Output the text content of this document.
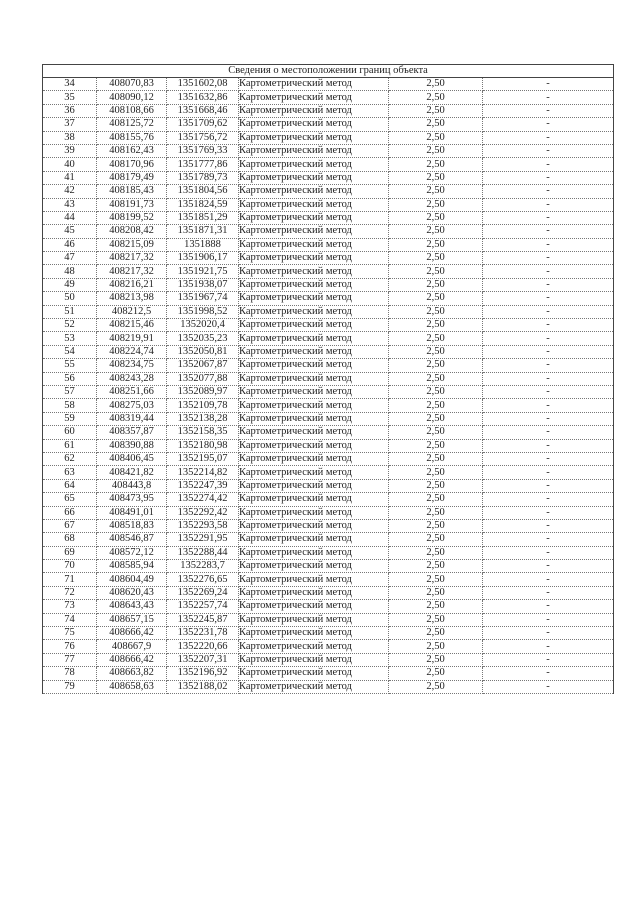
Сведения о местоположении границ объекта					
34	408070,83	1351602,08	Картометрический метод	2,50	-
35	408090,12	1351632,86	Картометрический метод	2,50	-
36	408108,66	1351668,46	Картометрический метод	2,50	-
37	408125,72	1351709,62	Картометрический метод	2,50	-
38	408155,76	1351756,72	Картометрический метод	2,50	-
39	408162,43	1351769,33	Картометрический метод	2,50	-
40	408170,96	1351777,86	Картометрический метод	2,50	-
41	408179,49	1351789,73	Картометрический метод	2,50	-
42	408185,43	1351804,56	Картометрический метод	2,50	-
43	408191,73	1351824,59	Картометрический метод	2,50	-
44	408199,52	1351851,29	Картометрический метод	2,50	-
45	408208,42	1351871,31	Картометрический метод	2,50	-
46	408215,09	1351888	Картометрический метод	2,50	-
47	408217,32	1351906,17	Картометрический метод	2,50	-
48	408217,32	1351921,75	Картометрический метод	2,50	-
49	408216,21	1351938,07	Картометрический метод	2,50	-
50	408213,98	1351967,74	Картометрический метод	2,50	-
51	408212,5	1351998,52	Картометрический метод	2,50	-
52	408215,46	1352020,4	Картометрический метод	2,50	-
53	408219,91	1352035,23	Картометрический метод	2,50	-
54	408224,74	1352050,81	Картометрический метод	2,50	-
55	408234,75	1352067,87	Картометрический метод	2,50	-
56	408243,28	1352077,88	Картометрический метод	2,50	-
57	408251,66	1352089,97	Картометрический метод	2,50	-
58	408275,03	1352109,78	Картометрический метод	2,50	-
59	408319,44	1352138,28	Картометрический метод	2,50	-
60	408357,87	1352158,35	Картометрический метод	2,50	-
61	408390,88	1352180,98	Картометрический метод	2,50	-
62	408406,45	1352195,07	Картометрический метод	2,50	-
63	408421,82	1352214,82	Картометрический метод	2,50	-
64	408443,8	1352247,39	Картометрический метод	2,50	-
65	408473,95	1352274,42	Картометрический метод	2,50	-
66	408491,01	1352292,42	Картометрический метод	2,50	-
67	408518,83	1352293,58	Картометрический метод	2,50	-
68	408546,87	1352291,95	Картометрический метод	2,50	-
69	408572,12	1352288,44	Картометрический метод	2,50	-
70	408585,94	1352283,7	Картометрический метод	2,50	-
71	408604,49	1352276,65	Картометрический метод	2,50	-
72	408620,43	1352269,24	Картометрический метод	2,50	-
73	408643,43	1352257,74	Картометрический метод	2,50	-
74	408657,15	1352245,87	Картометрический метод	2,50	-
75	408666,42	1352231,78	Картометрический метод	2,50	-
76	408667,9	1352220,66	Картометрический метод	2,50	-
77	408666,42	1352207,31	Картометрический метод	2,50	-
78	408663,82	1352196,92	Картометрический метод	2,50	-
79	408658,63	1352188,02	Картометрический метод	2,50	-
